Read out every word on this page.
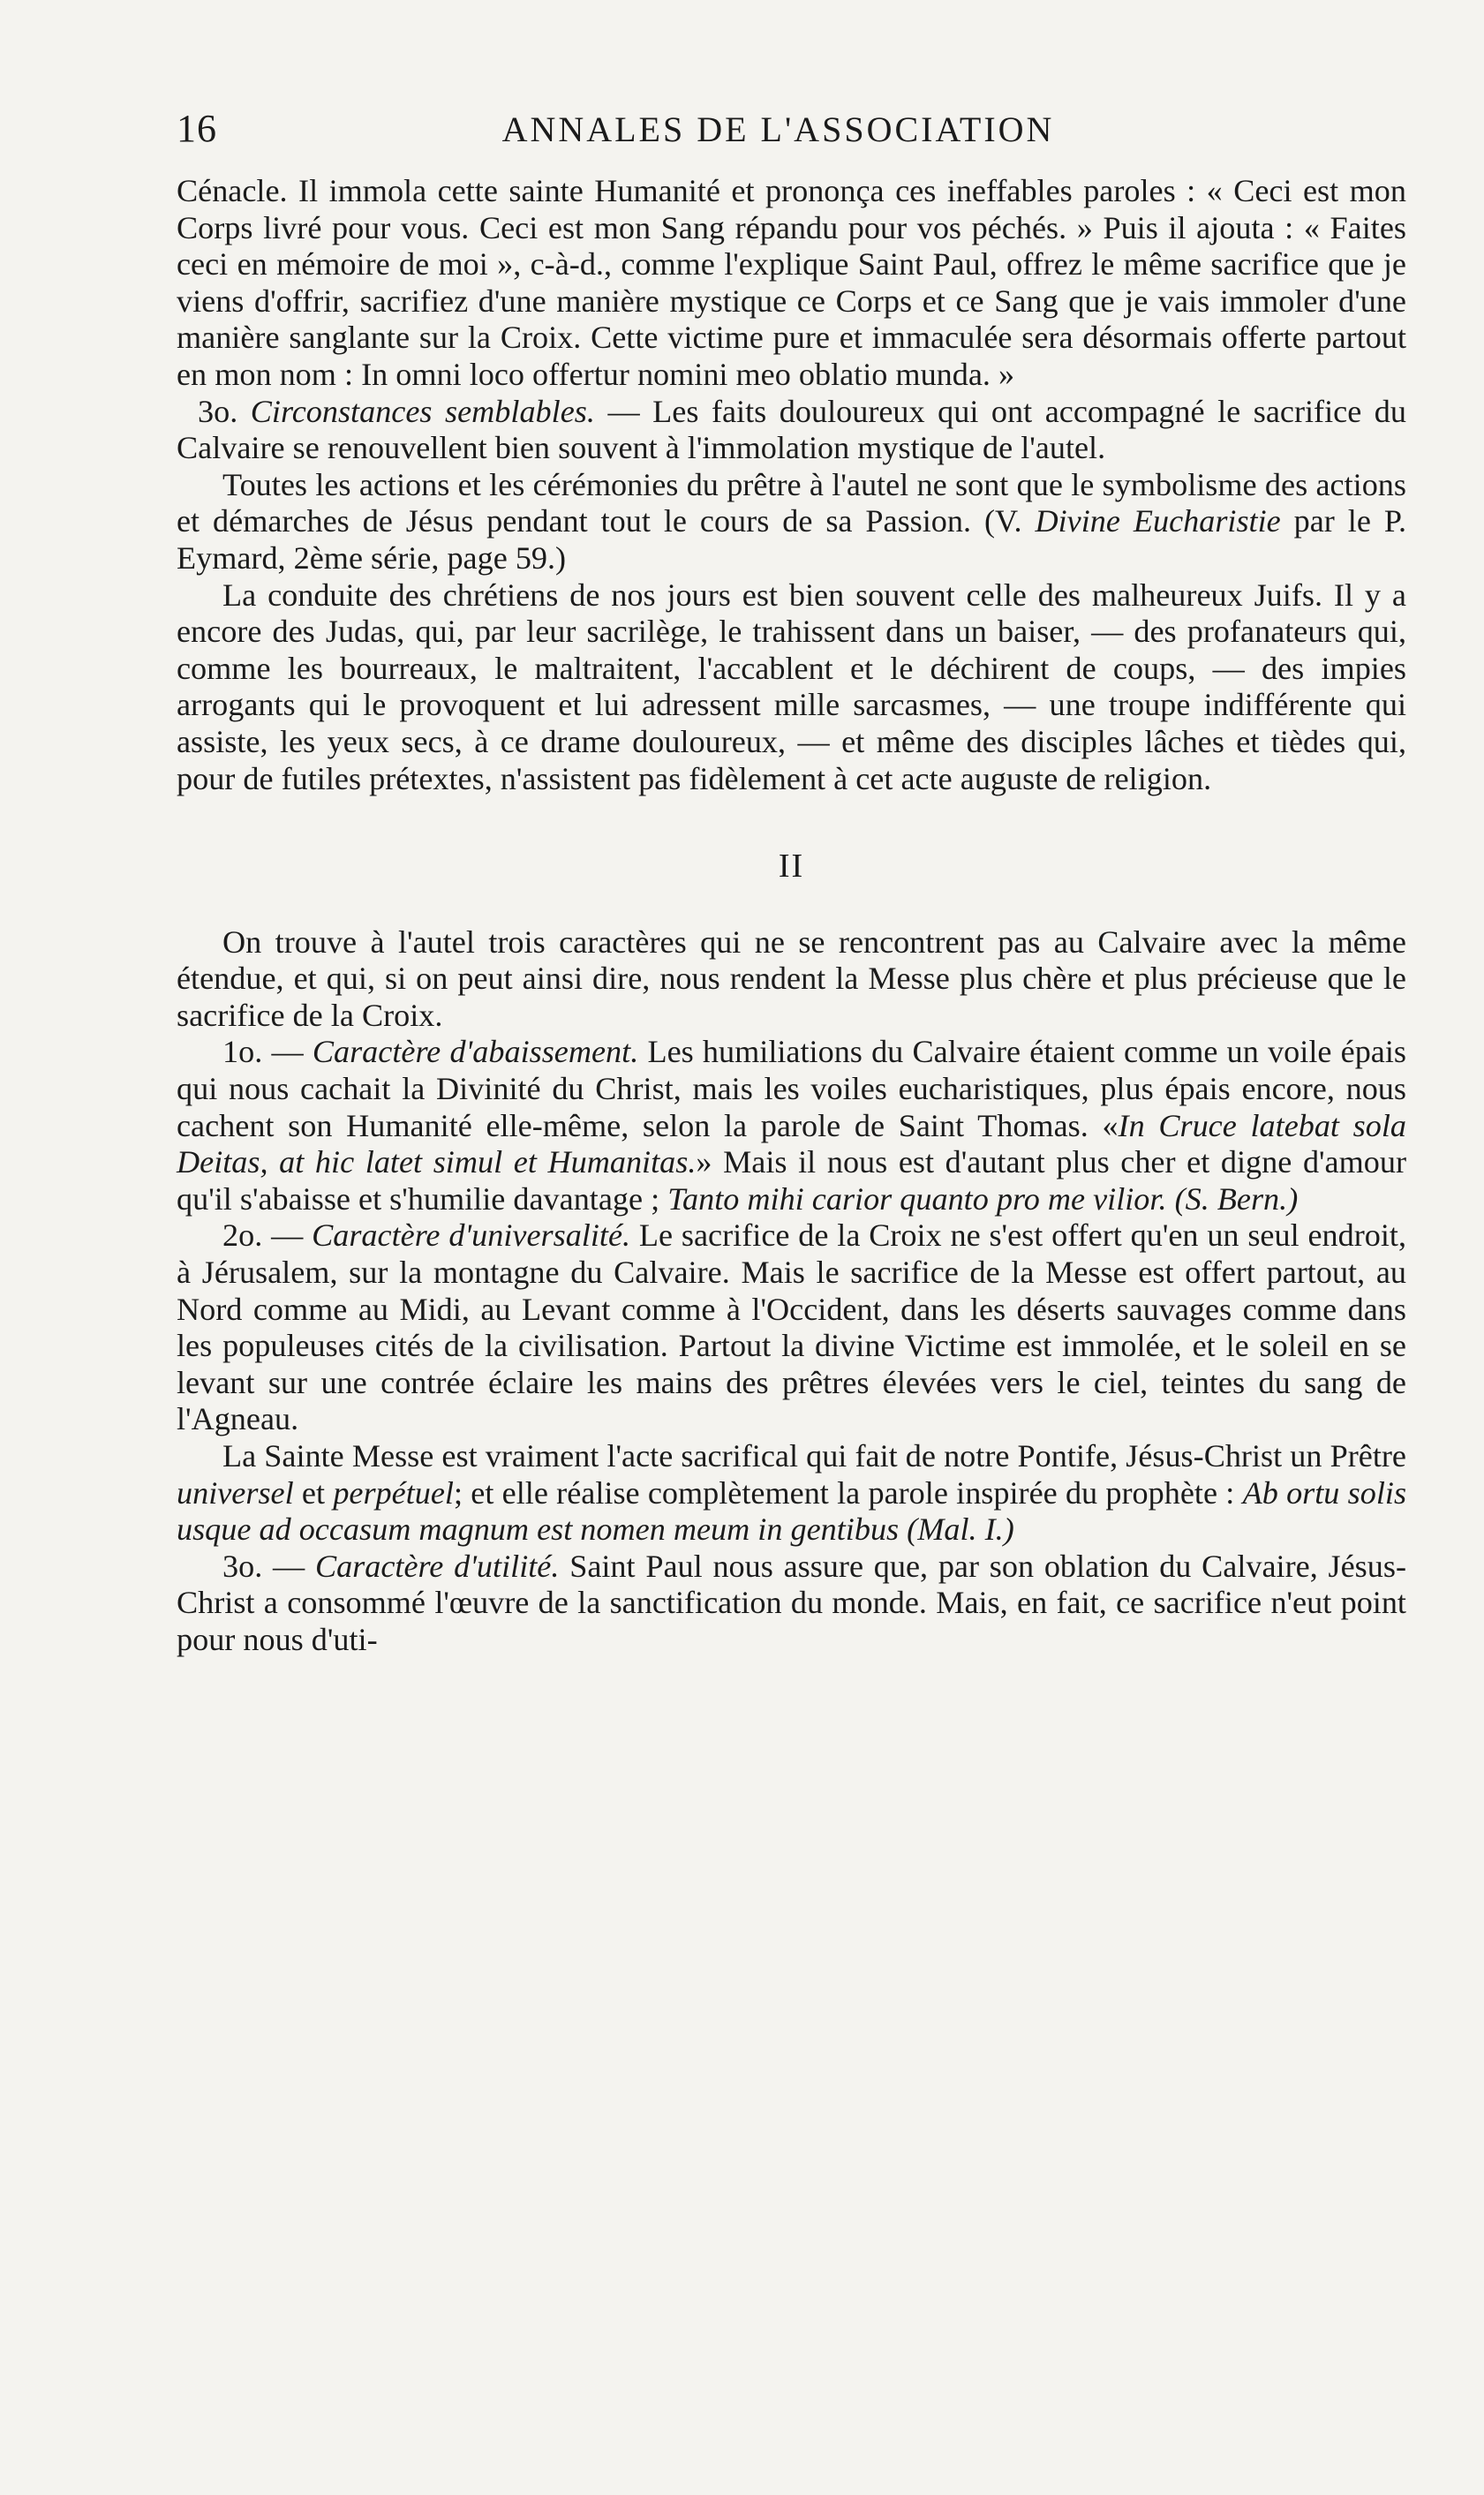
16	ANNALES DE L'ASSOCIATION

Cénacle. Il immola cette sainte Humanité et prononça ces ineffables paroles : « Ceci est mon Corps livré pour vous. Ceci est mon Sang répandu pour vos péchés. » Puis il ajouta : « Faites ceci en mémoire de moi », c-à-d., comme l'explique Saint Paul, offrez le même sacrifice que je viens d'offrir, sacrifiez d'une manière mystique ce Corps et ce Sang que je vais immoler d'une manière sanglante sur la Croix. Cette victime pure et immaculée sera désormais offerte partout en mon nom : In omni loco offertur nomini meo oblatio munda. »

3o. Circonstances semblables. — Les faits douloureux qui ont accompagné le sacrifice du Calvaire se renouvellent bien souvent à l'immolation mystique de l'autel.

Toutes les actions et les cérémonies du prêtre à l'autel ne sont que le symbolisme des actions et démarches de Jésus pendant tout le cours de sa Passion. (V. Divine Eucharistie par le P. Eymard, 2ème série, page 59.)

La conduite des chrétiens de nos jours est bien souvent celle des malheureux Juifs. Il y a encore des Judas, qui, par leur sacrilège, le trahissent dans un baiser, — des profanateurs qui, comme les bourreaux, le maltraitent, l'accablent et le déchirent de coups, — des impies arrogants qui le provoquent et lui adressent mille sarcasmes, — une troupe indifférente qui assiste, les yeux secs, à ce drame douloureux, — et même des disciples lâches et tièdes qui, pour de futiles prétextes, n'assistent pas fidèlement à cet acte auguste de religion.

II

On trouve à l'autel trois caractères qui ne se rencontrent pas au Calvaire avec la même étendue, et qui, si on peut ainsi dire, nous rendent la Messe plus chère et plus précieuse que le sacrifice de la Croix.

1o. — Caractère d'abaissement. Les humiliations du Calvaire étaient comme un voile épais qui nous cachait la Divinité du Christ, mais les voiles eucharistiques, plus épais encore, nous cachent son Humanité elle-même, selon la parole de Saint Thomas. «In Cruce latebat sola Deitas, at hic latet simul et Humanitas.» Mais il nous est d'autant plus cher et digne d'amour qu'il s'abaisse et s'humilie davantage ; Tanto mihi carior quanto pro me vilior. (S. Bern.)

2o. — Caractère d'universalité. Le sacrifice de la Croix ne s'est offert qu'en un seul endroit, à Jérusalem, sur la montagne du Calvaire. Mais le sacrifice de la Messe est offert partout, au Nord comme au Midi, au Levant comme à l'Occident, dans les déserts sauvages comme dans les populeuses cités de la civilisation. Partout la divine Victime est immolée, et le soleil en se levant sur une contrée éclaire les mains des prêtres élevées vers le ciel, teintes du sang de l'Agneau.

La Sainte Messe est vraiment l'acte sacrifical qui fait de notre Pontife, Jésus-Christ un Prêtre universel et perpétuel; et elle réalise complètement la parole inspirée du prophète : Ab ortu solis usque ad occasum magnum est nomen meum in gentibus (Mal. I.)

3o. — Caractère d'utilité. Saint Paul nous assure que, par son oblation du Calvaire, Jésus-Christ a consommé l'œuvre de la sanctification du monde. Mais, en fait, ce sacrifice n'eut point pour nous d'uti-
